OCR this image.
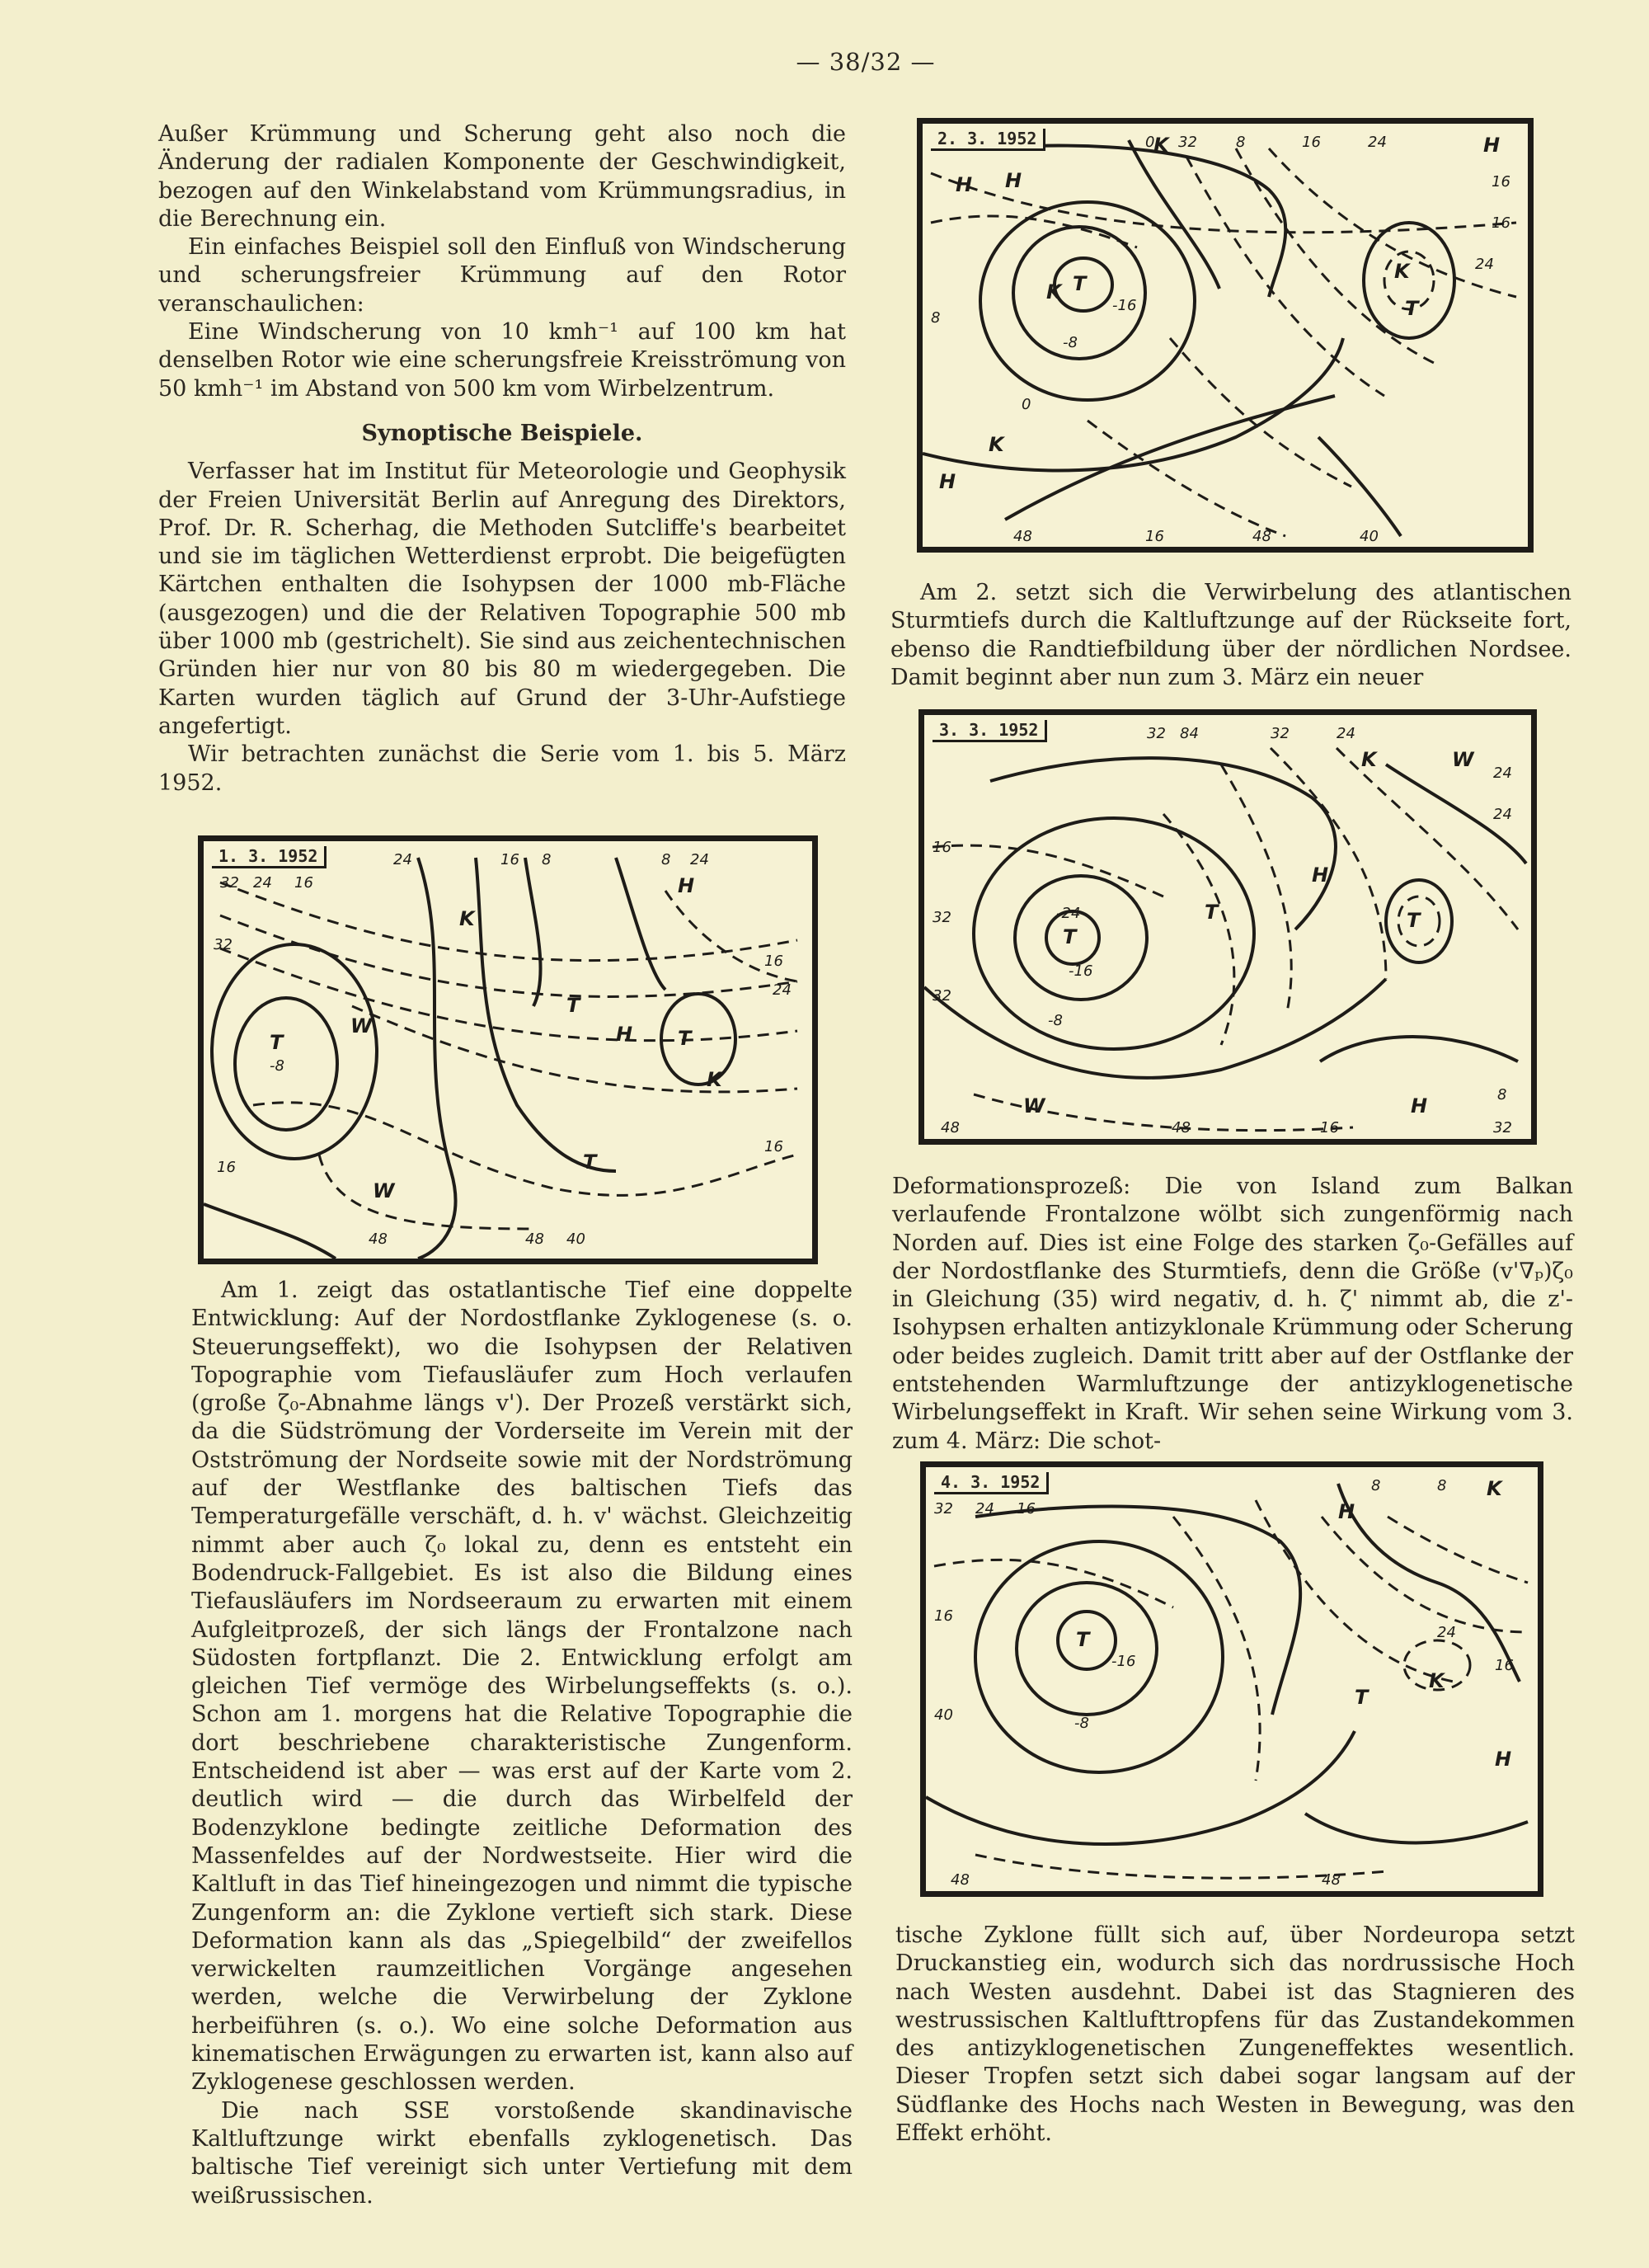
— 38/32 —

Außer Krümmung und Scherung geht also noch die Änderung der radialen Komponente der Geschwindigkeit, bezogen auf den Winkelabstand vom Krümmungsradius, in die Berechnung ein.

Ein einfaches Beispiel soll den Einfluß von Windscherung und scherungsfreier Krümmung auf den Rotor veranschaulichen:

Eine Windscherung von 10 kmh⁻¹ auf 100 km hat denselben Rotor wie eine scherungsfreie Kreisströmung von 50 kmh⁻¹ im Abstand von 500 km vom Wirbelzentrum.

Synoptische Beispiele.

Verfasser hat im Institut für Meteorologie und Geophysik der Freien Universität Berlin auf Anregung des Direktors, Prof. Dr. R. Scherhag, die Methoden Sutcliffe's bearbeitet und sie im täglichen Wetterdienst erprobt. Die beigefügten Kärtchen enthalten die Isohypsen der 1000 mb-Fläche (ausgezogen) und die der Relativen Topographie 500 mb über 1000 mb (gestrichelt). Sie sind aus zeichentechnischen Gründen hier nur von 80 bis 80 m wiedergegeben. Die Karten wurden täglich auf Grund der 3-Uhr-Aufstiege angefertigt.

Wir betrachten zunächst die Serie vom 1. bis 5. März 1952.

Am 1. zeigt das ostatlantische Tief eine doppelte Entwicklung: Auf der Nordostflanke Zyklogenese (s. o. Steuerungseffekt), wo die Isohypsen der Relativen Topographie vom Tiefausläufer zum Hoch verlaufen (große ζ₀-Abnahme längs v'). Der Prozeß verstärkt sich, da die Südströmung der Vorderseite im Verein mit der Ostströmung der Nordseite sowie mit der Nordströmung auf der Westflanke des baltischen Tiefs das Temperaturgefälle verschäft, d. h. v' wächst. Gleichzeitig nimmt aber auch ζ₀ lokal zu, denn es entsteht ein Bodendruck-Fallgebiet. Es ist also die Bildung eines Tiefausläufers im Nordseeraum zu erwarten mit einem Aufgleitprozeß, der sich längs der Frontalzone nach Südosten fortpflanzt. Die 2. Entwicklung erfolgt am gleichen Tief vermöge des Wirbelungseffekts (s. o.). Schon am 1. morgens hat die Relative Topographie die dort beschriebene charakteristische Zungenform. Entscheidend ist aber — was erst auf der Karte vom 2. deutlich wird — die durch das Wirbelfeld der Bodenzyklone bedingte zeitliche Deformation des Massenfeldes auf der Nordwestseite. Hier wird die Kaltluft in das Tief hineingezogen und nimmt die typische Zungenform an: die Zyklone vertieft sich stark. Diese Deformation kann als das „Spiegelbild“ der zweifellos verwickelten raumzeitlichen Vorgänge angesehen werden, welche die Verwirbelung der Zyklone herbeiführen (s. o.). Wo eine solche Deformation aus kinematischen Erwägungen zu erwarten ist, kann also auf Zyklogenese geschlossen werden.

Die nach SSE vorstoßende skandinavische Kaltluftzunge wirkt ebenfalls zyklogenetisch. Das baltische Tief vereinigt sich unter Vertiefung mit dem weißrussischen.

Am 2. setzt sich die Verwirbelung des atlantischen Sturmtiefs durch die Kaltluftzunge auf der Rückseite fort, ebenso die Randtiefbildung über der nördlichen Nordsee. Damit beginnt aber nun zum 3. März ein neuer

Deformationsprozeß: Die von Island zum Balkan verlaufende Frontalzone wölbt sich zungenförmig nach Norden auf. Dies ist eine Folge des starken ζ₀-Gefälles auf der Nordostflanke des Sturmtiefs, denn die Größe (v'∇ₚ)ζ₀ in Gleichung (35) wird negativ, d. h. ζ' nimmt ab, die z'-Isohypsen erhalten antizyklonale Krümmung oder Scherung oder beides zugleich. Damit tritt aber auf der Ostflanke der entstehenden Warmluftzunge der antizyklogenetische Wirbelungseffekt in Kraft. Wir sehen seine Wirkung vom 3. zum 4. März: Die schot-

tische Zyklone füllt sich auf, über Nordeuropa setzt Druckanstieg ein, wodurch sich das nordrussische Hoch nach Westen ausdehnt. Dabei ist das Stagnieren des westrussischen Kaltlufttropfens für das Zustandekommen des antizyklogenetischen Zungeneffektes wesentlich. Dieser Tropfen setzt sich dabei sogar langsam auf der Südflanke des Hochs nach Westen in Bewegung, was den Effekt erhöht.

1. 3. 1952
T
-8
T
W
W
K
H
H
K
T
T
32
16
16
16
24
48	48 40
32 24 16
24	16 8	8 24
2. 3. 1952
T
T
K
K
H
H
H
H
K
K
-8
-16
8
0
16
24
16
48	16	48	40
0 32	8	16	24
3. 3. 1952
T
T	T
K
H
H
W
W
-16
-24
-8
16
32
32
24
24
8
32
48	48	16
32 84	32	24
4. 3. 1952
T
T
H
H
K
K
-16
-8
32
16
40
24 16
24
16
48	48
8	8
